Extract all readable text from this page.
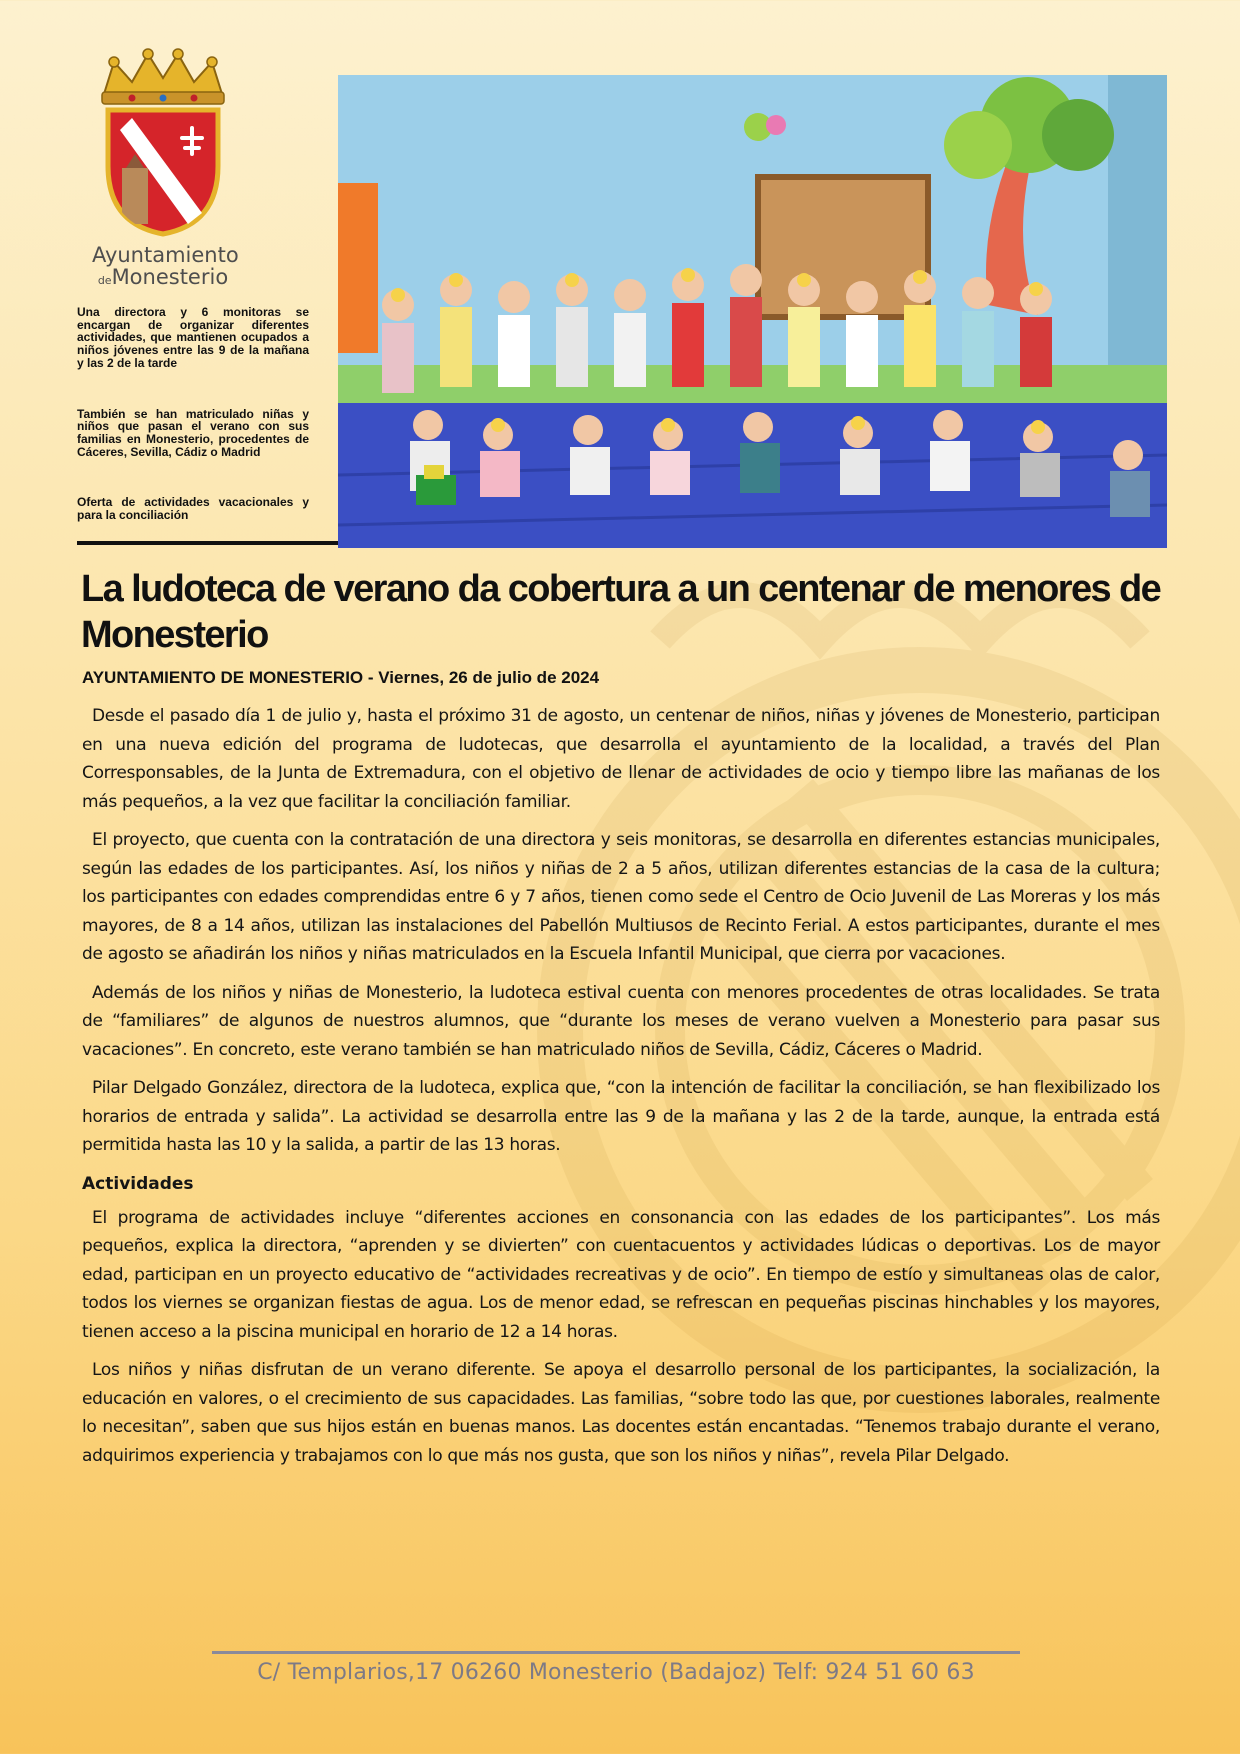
Ayuntamiento
deMonesterio

Una directora y 6 monitoras se encargan de organizar diferentes actividades, que mantienen ocupados a niños jóvenes entre las 9 de la mañana y las 2 de la tarde

También se han matriculado niñas y niños que pasan el verano con sus familias en Monesterio, procedentes de Cáceres, Sevilla, Cádiz o Madrid

Oferta de actividades vacacionales y para la conciliación

La ludoteca de verano da cobertura a un centenar de menores de Monesterio

AYUNTAMIENTO DE MONESTERIO - Viernes, 26 de julio de 2024

Desde el pasado día 1 de julio y, hasta el próximo 31 de agosto, un centenar de niños, niñas y jóvenes de Monesterio, participan en una nueva edición del programa de ludotecas, que desarrolla el ayuntamiento de la localidad, a través del Plan Corresponsables, de la Junta de Extremadura, con el objetivo de llenar de actividades de ocio y tiempo libre las mañanas de los más pequeños, a la vez que facilitar la conciliación familiar.

El proyecto, que cuenta con la contratación de una directora y seis monitoras, se desarrolla en diferentes estancias municipales, según las edades de los participantes. Así, los niños y niñas de 2 a 5 años, utilizan diferentes estancias de la casa de la cultura; los participantes con edades comprendidas entre 6 y 7 años, tienen como sede el Centro de Ocio Juvenil de Las Moreras y los más mayores, de 8 a 14 años, utilizan las instalaciones del Pabellón Multiusos de Recinto Ferial. A estos participantes, durante el mes de agosto se añadirán los niños y niñas matriculados en la Escuela Infantil Municipal, que cierra por vacaciones.

Además de los niños y niñas de Monesterio, la ludoteca estival cuenta con menores procedentes de otras localidades. Se trata de “familiares” de algunos de nuestros alumnos, que “durante los meses de verano vuelven a Monesterio para pasar sus vacaciones”. En concreto, este verano también se han matriculado niños de Sevilla, Cádiz, Cáceres o Madrid.

Pilar Delgado González, directora de la ludoteca, explica que, “con la intención de facilitar la conciliación, se han flexibilizado los horarios de entrada y salida”. La actividad se desarrolla entre las 9 de la mañana y las 2 de la tarde, aunque, la entrada está permitida hasta las 10 y la salida, a partir de las 13 horas.

Actividades

El programa de actividades incluye “diferentes acciones en consonancia con las edades de los participantes”. Los más pequeños, explica la directora, “aprenden y se divierten” con cuentacuentos y actividades lúdicas o deportivas. Los de mayor edad, participan en un proyecto educativo de “actividades recreativas y de ocio”. En tiempo de estío y simultaneas olas de calor, todos los viernes se organizan fiestas de agua. Los de menor edad, se refrescan en pequeñas piscinas hinchables y los mayores, tienen acceso a la piscina municipal en horario de 12 a 14 horas.

Los niños y niñas disfrutan de un verano diferente. Se apoya el desarrollo personal de los participantes, la socialización, la educación en valores, o el crecimiento de sus capacidades. Las familias, “sobre todo las que, por cuestiones laborales, realmente lo necesitan”, saben que sus hijos están en buenas manos. Las docentes están encantadas. “Tenemos trabajo durante el verano, adquirimos experiencia y trabajamos con lo que más nos gusta, que son los niños y niñas”, revela Pilar Delgado.

C/ Templarios,17 06260 Monesterio (Badajoz) Telf: 924 51 60 63
